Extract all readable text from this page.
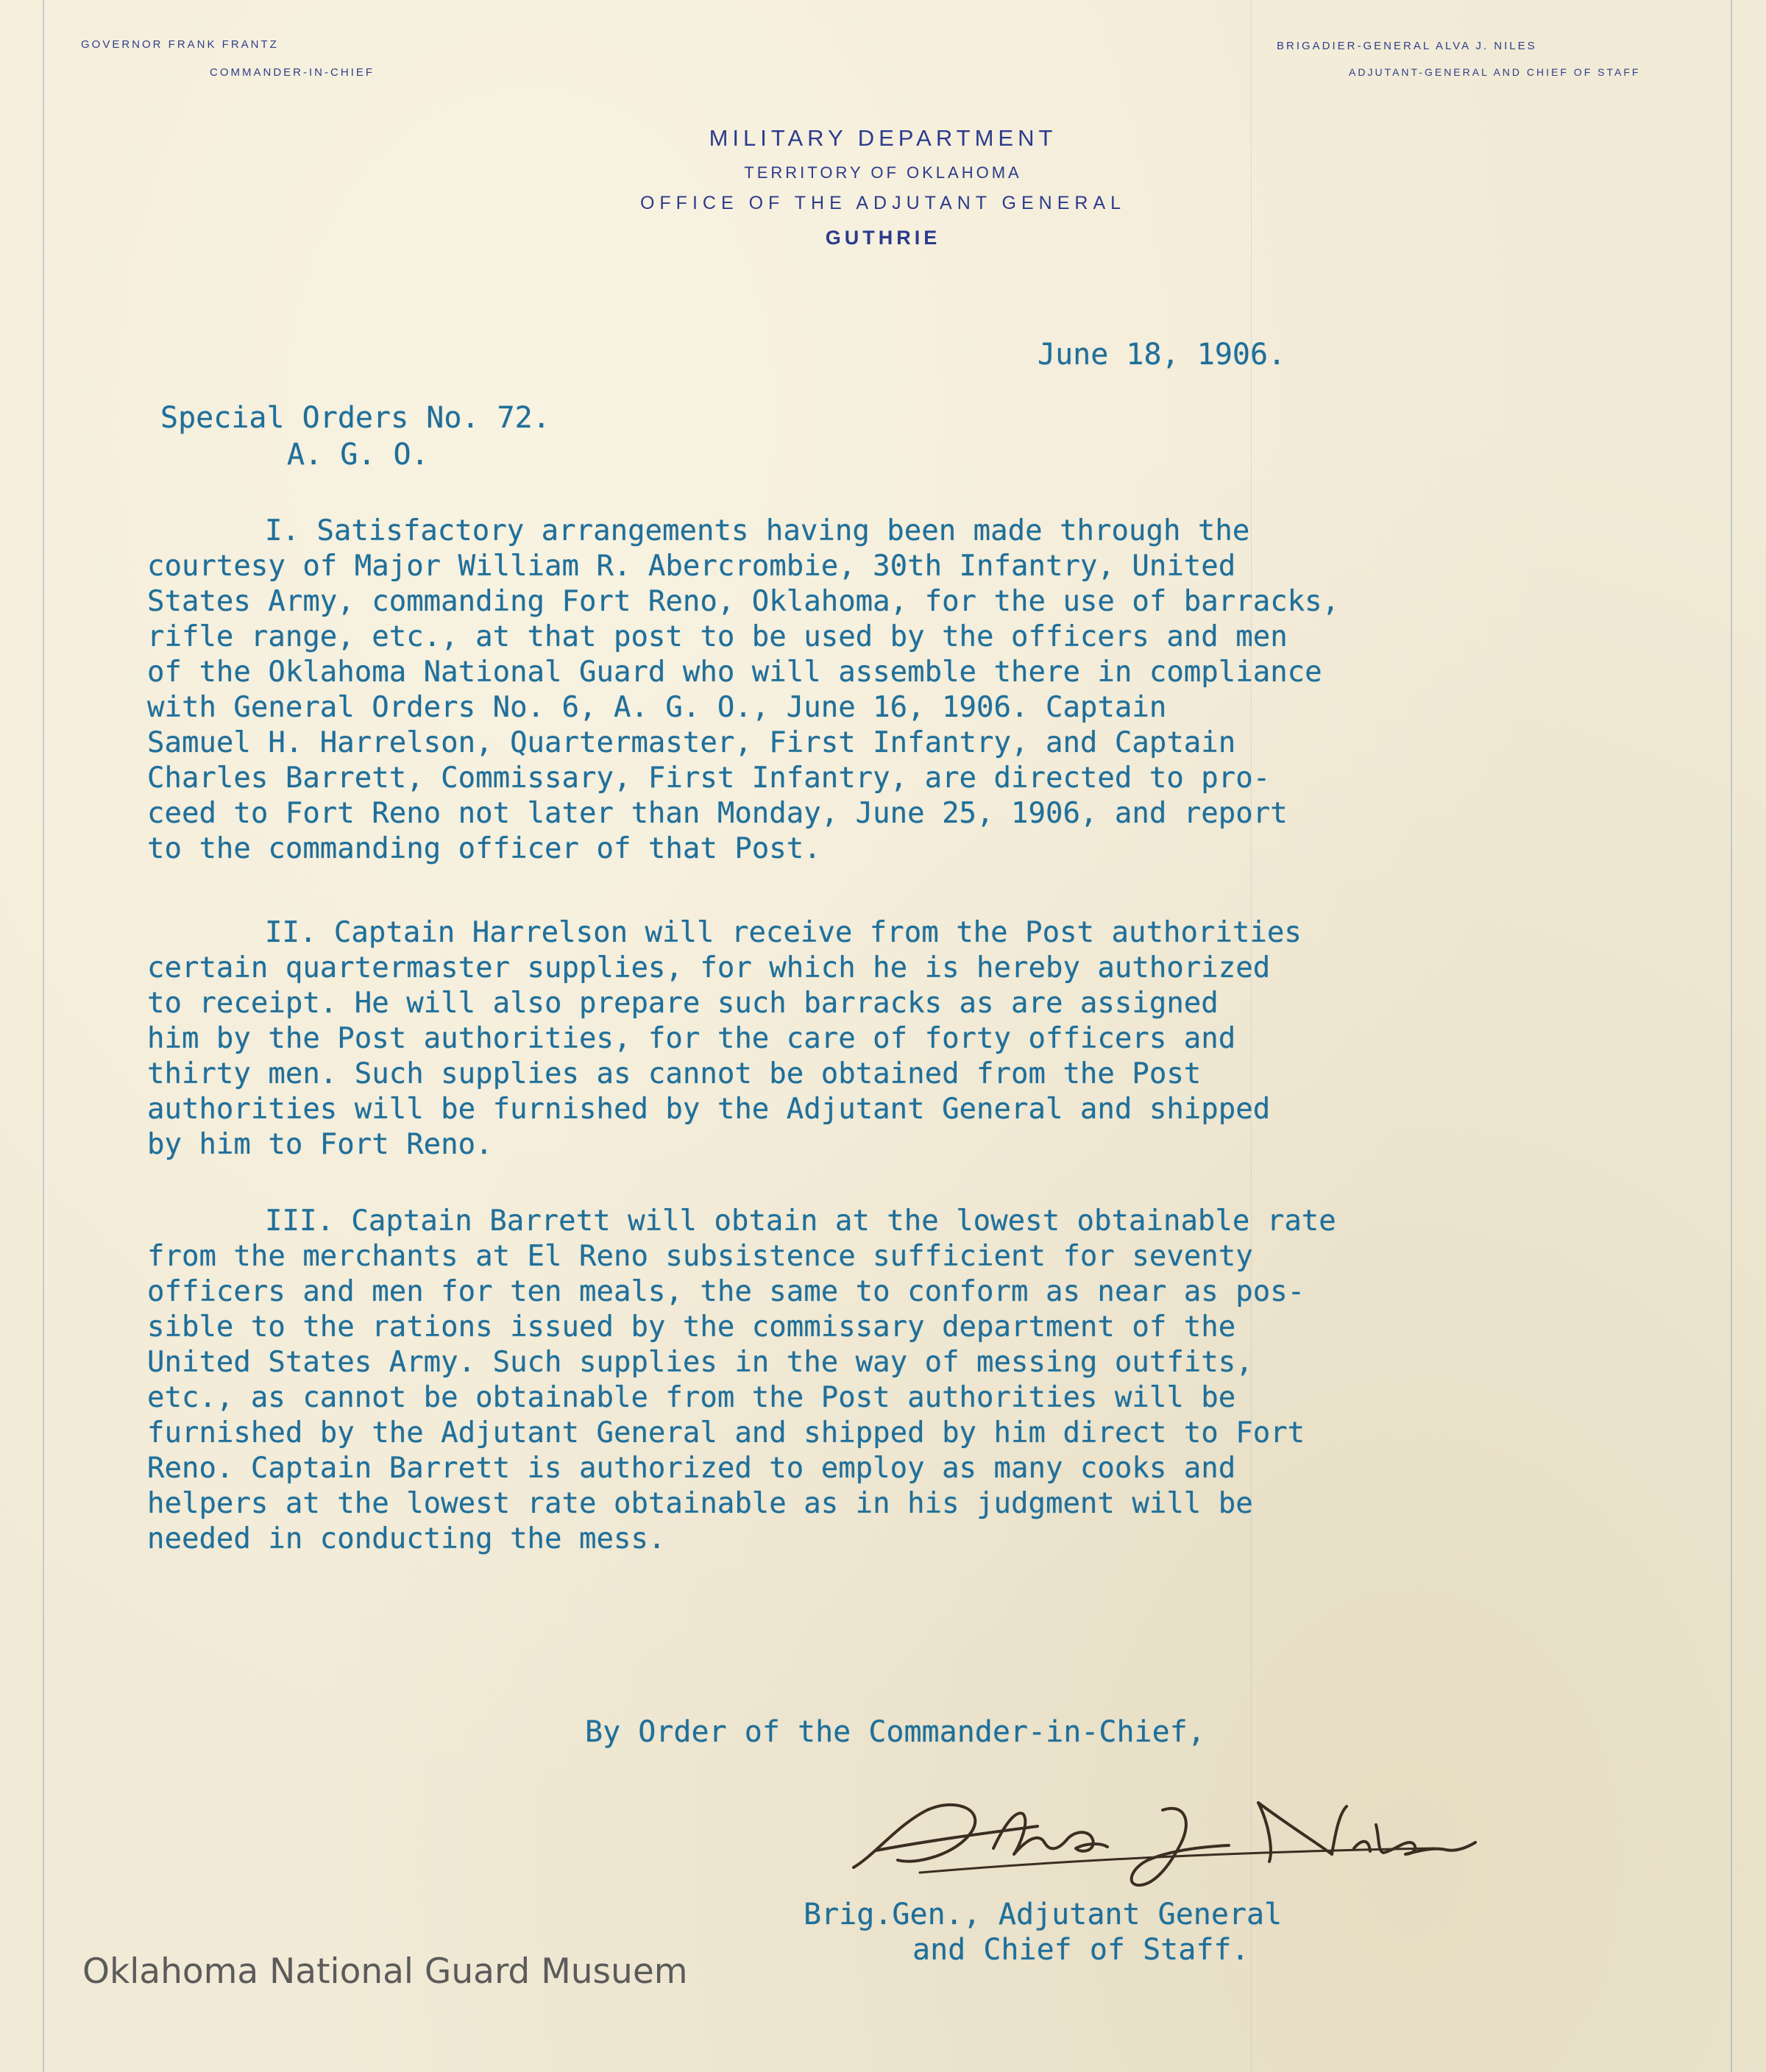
GOVERNOR FRANK FRANTZ
COMMANDER-IN-CHIEF
BRIGADIER-GENERAL ALVA J. NILES
ADJUTANT-GENERAL AND CHIEF OF STAFF
MILITARY DEPARTMENT
TERRITORY OF OKLAHOMA
OFFICE OF THE ADJUTANT GENERAL
GUTHRIE
June 18, 1906.
Special Orders No. 72.
A. G. O.
I. Satisfactory arrangements having been made through the
courtesy of Major William R. Abercrombie, 30th Infantry, United
States Army, commanding Fort Reno, Oklahoma, for the use of barracks,
rifle range, etc., at that post to be used by the officers and men
of the Oklahoma National Guard who will assemble there in compliance
with General Orders No. 6, A. G. O., June 16, 1906. Captain
Samuel H. Harrelson, Quartermaster, First Infantry, and Captain
Charles Barrett, Commissary, First Infantry, are directed to pro-
ceed to Fort Reno not later than Monday, June 25, 1906, and report
to the commanding officer of that Post.
II. Captain Harrelson will receive from the Post authorities
certain quartermaster supplies, for which he is hereby authorized
to receipt. He will also prepare such barracks as are assigned
him by the Post authorities, for the care of forty officers and
thirty men. Such supplies as cannot be obtained from the Post
authorities will be furnished by the Adjutant General and shipped
by him to Fort Reno.
III. Captain Barrett will obtain at the lowest obtainable rate
from the merchants at El Reno subsistence sufficient for seventy
officers and men for ten meals, the same to conform as near as pos-
sible to the rations issued by the commissary department of the
United States Army. Such supplies in the way of messing outfits,
etc., as cannot be obtainable from the Post authorities will be
furnished by the Adjutant General and shipped by him direct to Fort
Reno. Captain Barrett is authorized to employ as many cooks and
helpers at the lowest rate obtainable as in his judgment will be
needed in conducting the mess.
By Order of the Commander-in-Chief,
Brig.Gen., Adjutant General
and Chief of Staff.
Oklahoma National Guard Musuem
